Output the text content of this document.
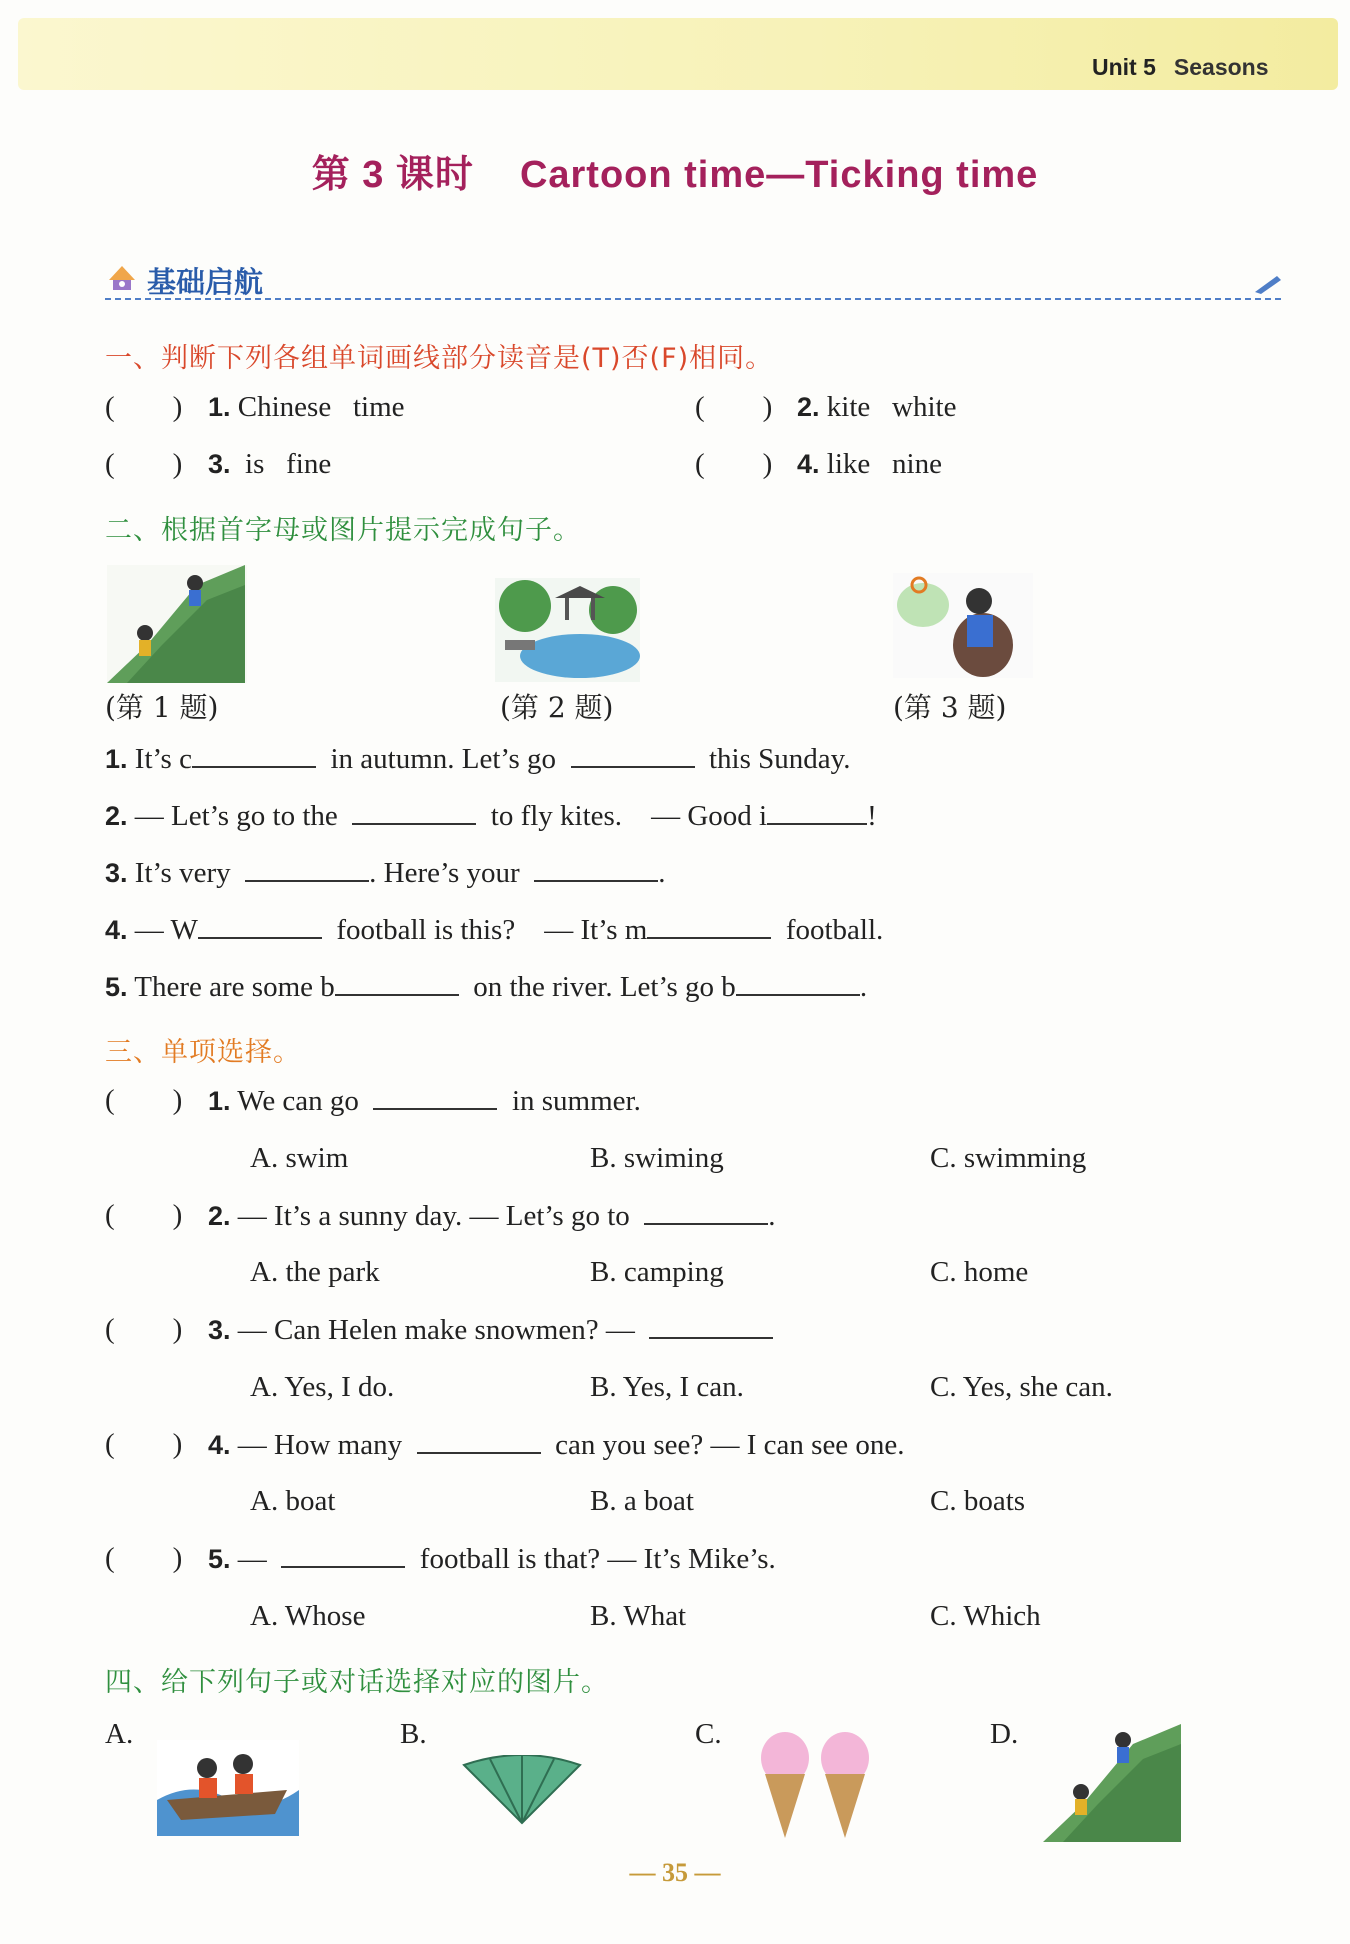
Unit 5 Seasons
第 3 课时 Cartoon time—Ticking time
基础启航
一、判断下列各组单词画线部分读音是(T)否(F)相同。
(        ) 1. Chinese time	(        ) 2. kite white
(        ) 3. is fine	(        ) 4. like nine
二、根据首字母或图片提示完成句子。
(第 1 题)	(第 2 题)	(第 3 题)
1. It’s c	in autumn. Let’s go	this Sunday.
2. — Let’s go to the	to fly kites. — Good i	!
3. It’s very	. Here’s your	.
4. — W	football is this? — It’s m	football.
5. There are some b	on the river. Let’s go b	.
三、单项选择。
(        ) 1. We can go	in summer.
A. swim	B. swiming	C. swimming
(        ) 2. — It’s a sunny day. — Let’s go to	.
A. the park	B. camping	C. home
(        ) 3. — Can Helen make snowmen? —
A. Yes, I do.	B. Yes, I can.	C. Yes, she can.
(        ) 4. — How many	can you see? — I can see one.
A. boat	B. a boat	C. boats
(        ) 5. —	football is that? — It’s Mike’s.
A. Whose	B. What	C. Which
四、给下列句子或对话选择对应的图片。
A.	B.	C.	D.
— 35 —
